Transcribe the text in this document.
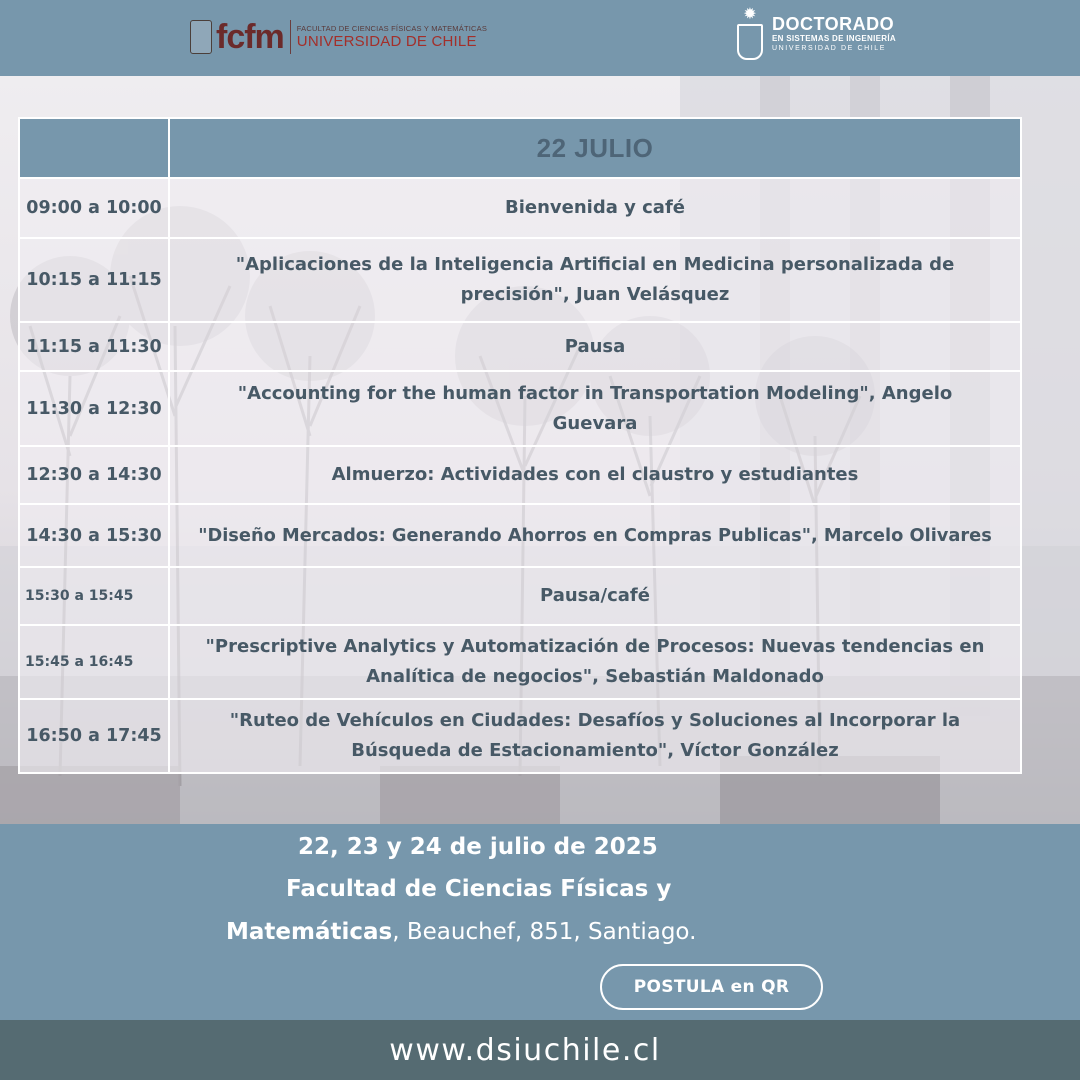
fcfm	FACULTAD DE CIENCIAS FÍSICAS Y MATEMÁTICAS
UNIVERSIDAD DE CHILE
✹
DOCTORADO
EN SISTEMAS DE INGENIERÍA
UNIVERSIDAD DE CHILE
	22 JULIO
09:00 a 10:00	Bienvenida y café
10:15 a 11:15	"Aplicaciones de la Inteligencia Artificial en Medicina personalizada de precisión", Juan Velásquez
11:15 a 11:30	Pausa
11:30 a 12:30	"Accounting for the human factor in Transportation Modeling", Angelo Guevara
12:30 a 14:30	Almuerzo: Actividades con el claustro y estudiantes
14:30 a 15:30	"Diseño Mercados: Generando Ahorros en Compras Publicas", Marcelo Olivares
15:30 a 15:45	Pausa/café
15:45 a 16:45	"Prescriptive Analytics y Automatización de Procesos: Nuevas tendencias en Analítica de negocios", Sebastián Maldonado
16:50 a 17:45	"Ruteo de Vehículos en Ciudades: Desafíos y Soluciones al Incorporar la Búsqueda de Estacionamiento", Víctor González
22, 23 y 24 de julio de 2025
Facultad de Ciencias Físicas y
Matemáticas, Beauchef, 851, Santiago.
POSTULA en QR
www.dsiuchile.cl
